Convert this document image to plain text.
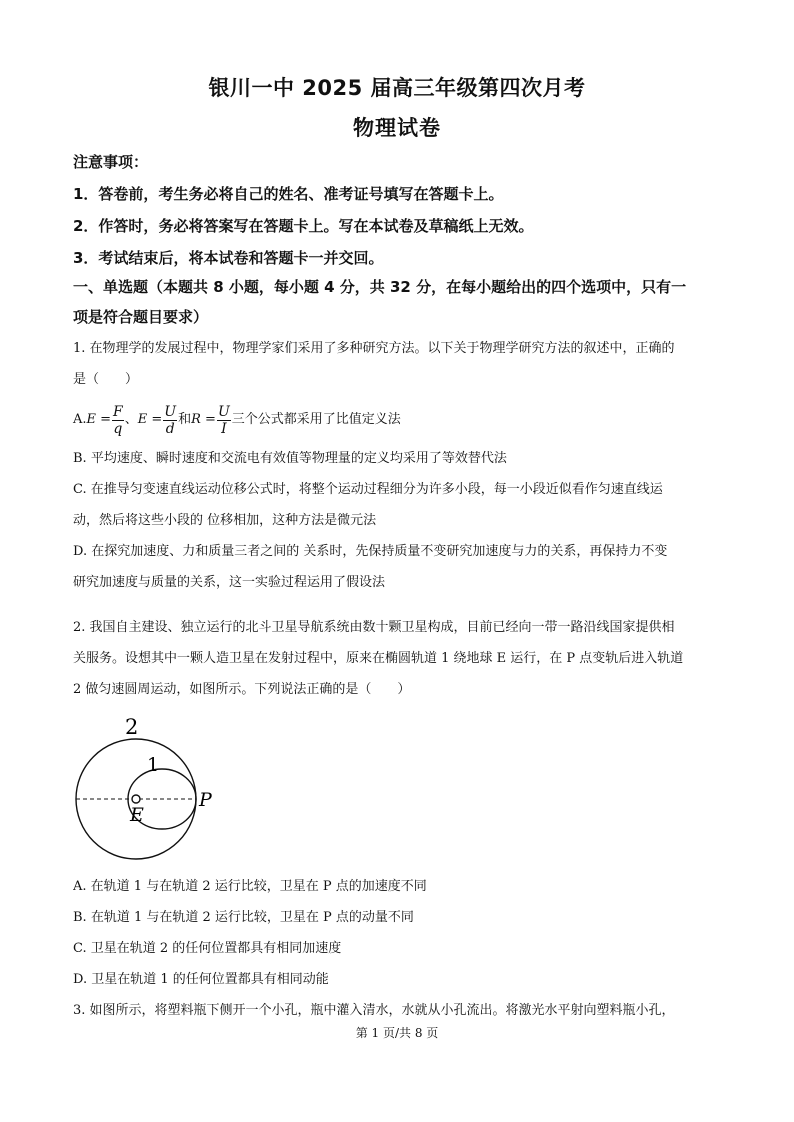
银川一中 2025 届高三年级第四次月考
物理试卷
注意事项：
1．答卷前，考生务必将自己的姓名、准考证号填写在答题卡上。
2．作答时，务必将答案写在答题卡上。写在本试卷及草稿纸上无效。
3．考试结束后，将本试卷和答题卡一并交回。
一、单选题（本题共 8 小题，每小题 4 分，共 32 分，在每小题给出的四个选项中，只有一
项是符合题目要求）
1. 在物理学的发展过程中，物理学家们采用了多种研究方法。以下关于物理学研究方法的叙述中，正确的
是（　　）
A. $E = \frac{F}{q}$ 、 $E = \frac{U}{d}$ 和 $R = \frac{U}{I}$ 三个公式都采用了比值定义法
B. 平均速度、瞬时速度和交流电有效值等物理量的定义均采用了等效替代法
C. 在推导匀变速直线运动位移公式时，将整个运动过程细分为许多小段，每一小段近似看作匀速直线运
动，然后将这些小段的 位移相加，这种方法是微元法
D. 在探究加速度、力和质量三者之间的 关系时，先保持质量不变研究加速度与力的关系，再保持力不变
研究加速度与质量的关系，这一实验过程运用了假设法
2. 我国自主建设、独立运行的北斗卫星导航系统由数十颗卫星构成，目前已经向一带一路沿线国家提供相
关服务。设想其中一颗人造卫星在发射过程中，原来在椭圆轨道 1 绕地球 E 运行，在 P 点变轨后进入轨道
2 做匀速圆周运动，如图所示。下列说法正确的是（　　）
2
1
E
P
A. 在轨道 1 与在轨道 2 运行比较，卫星在 P 点的加速度不同
B. 在轨道 1 与在轨道 2 运行比较，卫星在 P 点的动量不同
C. 卫星在轨道 2 的任何位置都具有相同加速度
D. 卫星在轨道 1 的任何位置都具有相同动能
3. 如图所示，将塑料瓶下侧开一个小孔，瓶中灌入清水，水就从小孔流出。将激光水平射向塑料瓶小孔，
第 1 页/共 8 页
